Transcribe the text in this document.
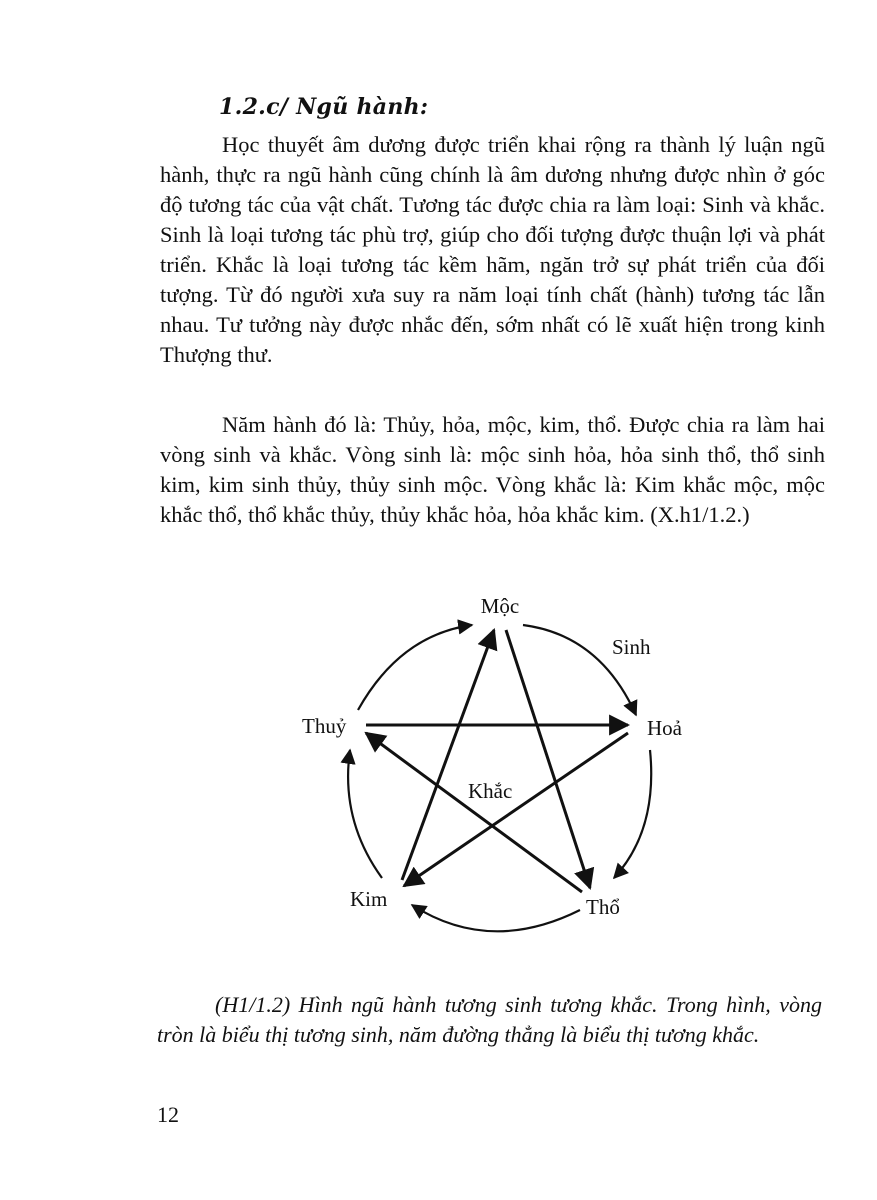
1.2.c/ Ngũ hành:

Học thuyết âm dương được triển khai rộng ra thành lý luận ngũ hành, thực ra ngũ hành cũng chính là âm dương nhưng được nhìn ở góc độ tương tác của vật chất. Tương tác được chia ra làm loại: Sinh và khắc. Sinh là loại tương tác phù trợ, giúp cho đối tượng được thuận lợi và phát triển. Khắc là loại tương tác kềm hãm, ngăn trở sự phát triển của đối tượng. Từ đó người xưa suy ra năm loại tính chất (hành) tương tác lẫn nhau. Tư tưởng này được nhắc đến, sớm nhất có lẽ xuất hiện trong kinh Thượng thư.

Năm hành đó là: Thủy, hỏa, mộc, kim, thổ. Được chia ra làm hai vòng sinh và khắc. Vòng sinh là: mộc sinh hỏa, hỏa sinh thổ, thổ sinh kim, kim sinh thủy, thủy sinh mộc. Vòng khắc là: Kim khắc mộc, mộc khắc thổ, thổ khắc thủy, thủy khắc hỏa, hỏa khắc kim. (X.h1/1.2.)

Mộc
Sinh
Hoả
Thuỷ
Khắc
Kim	Thổ

(H1/1.2) Hình ngũ hành tương sinh tương khắc. Trong hình, vòng tròn là biểu thị tương sinh, năm đường thẳng là biểu thị tương khắc.

12
